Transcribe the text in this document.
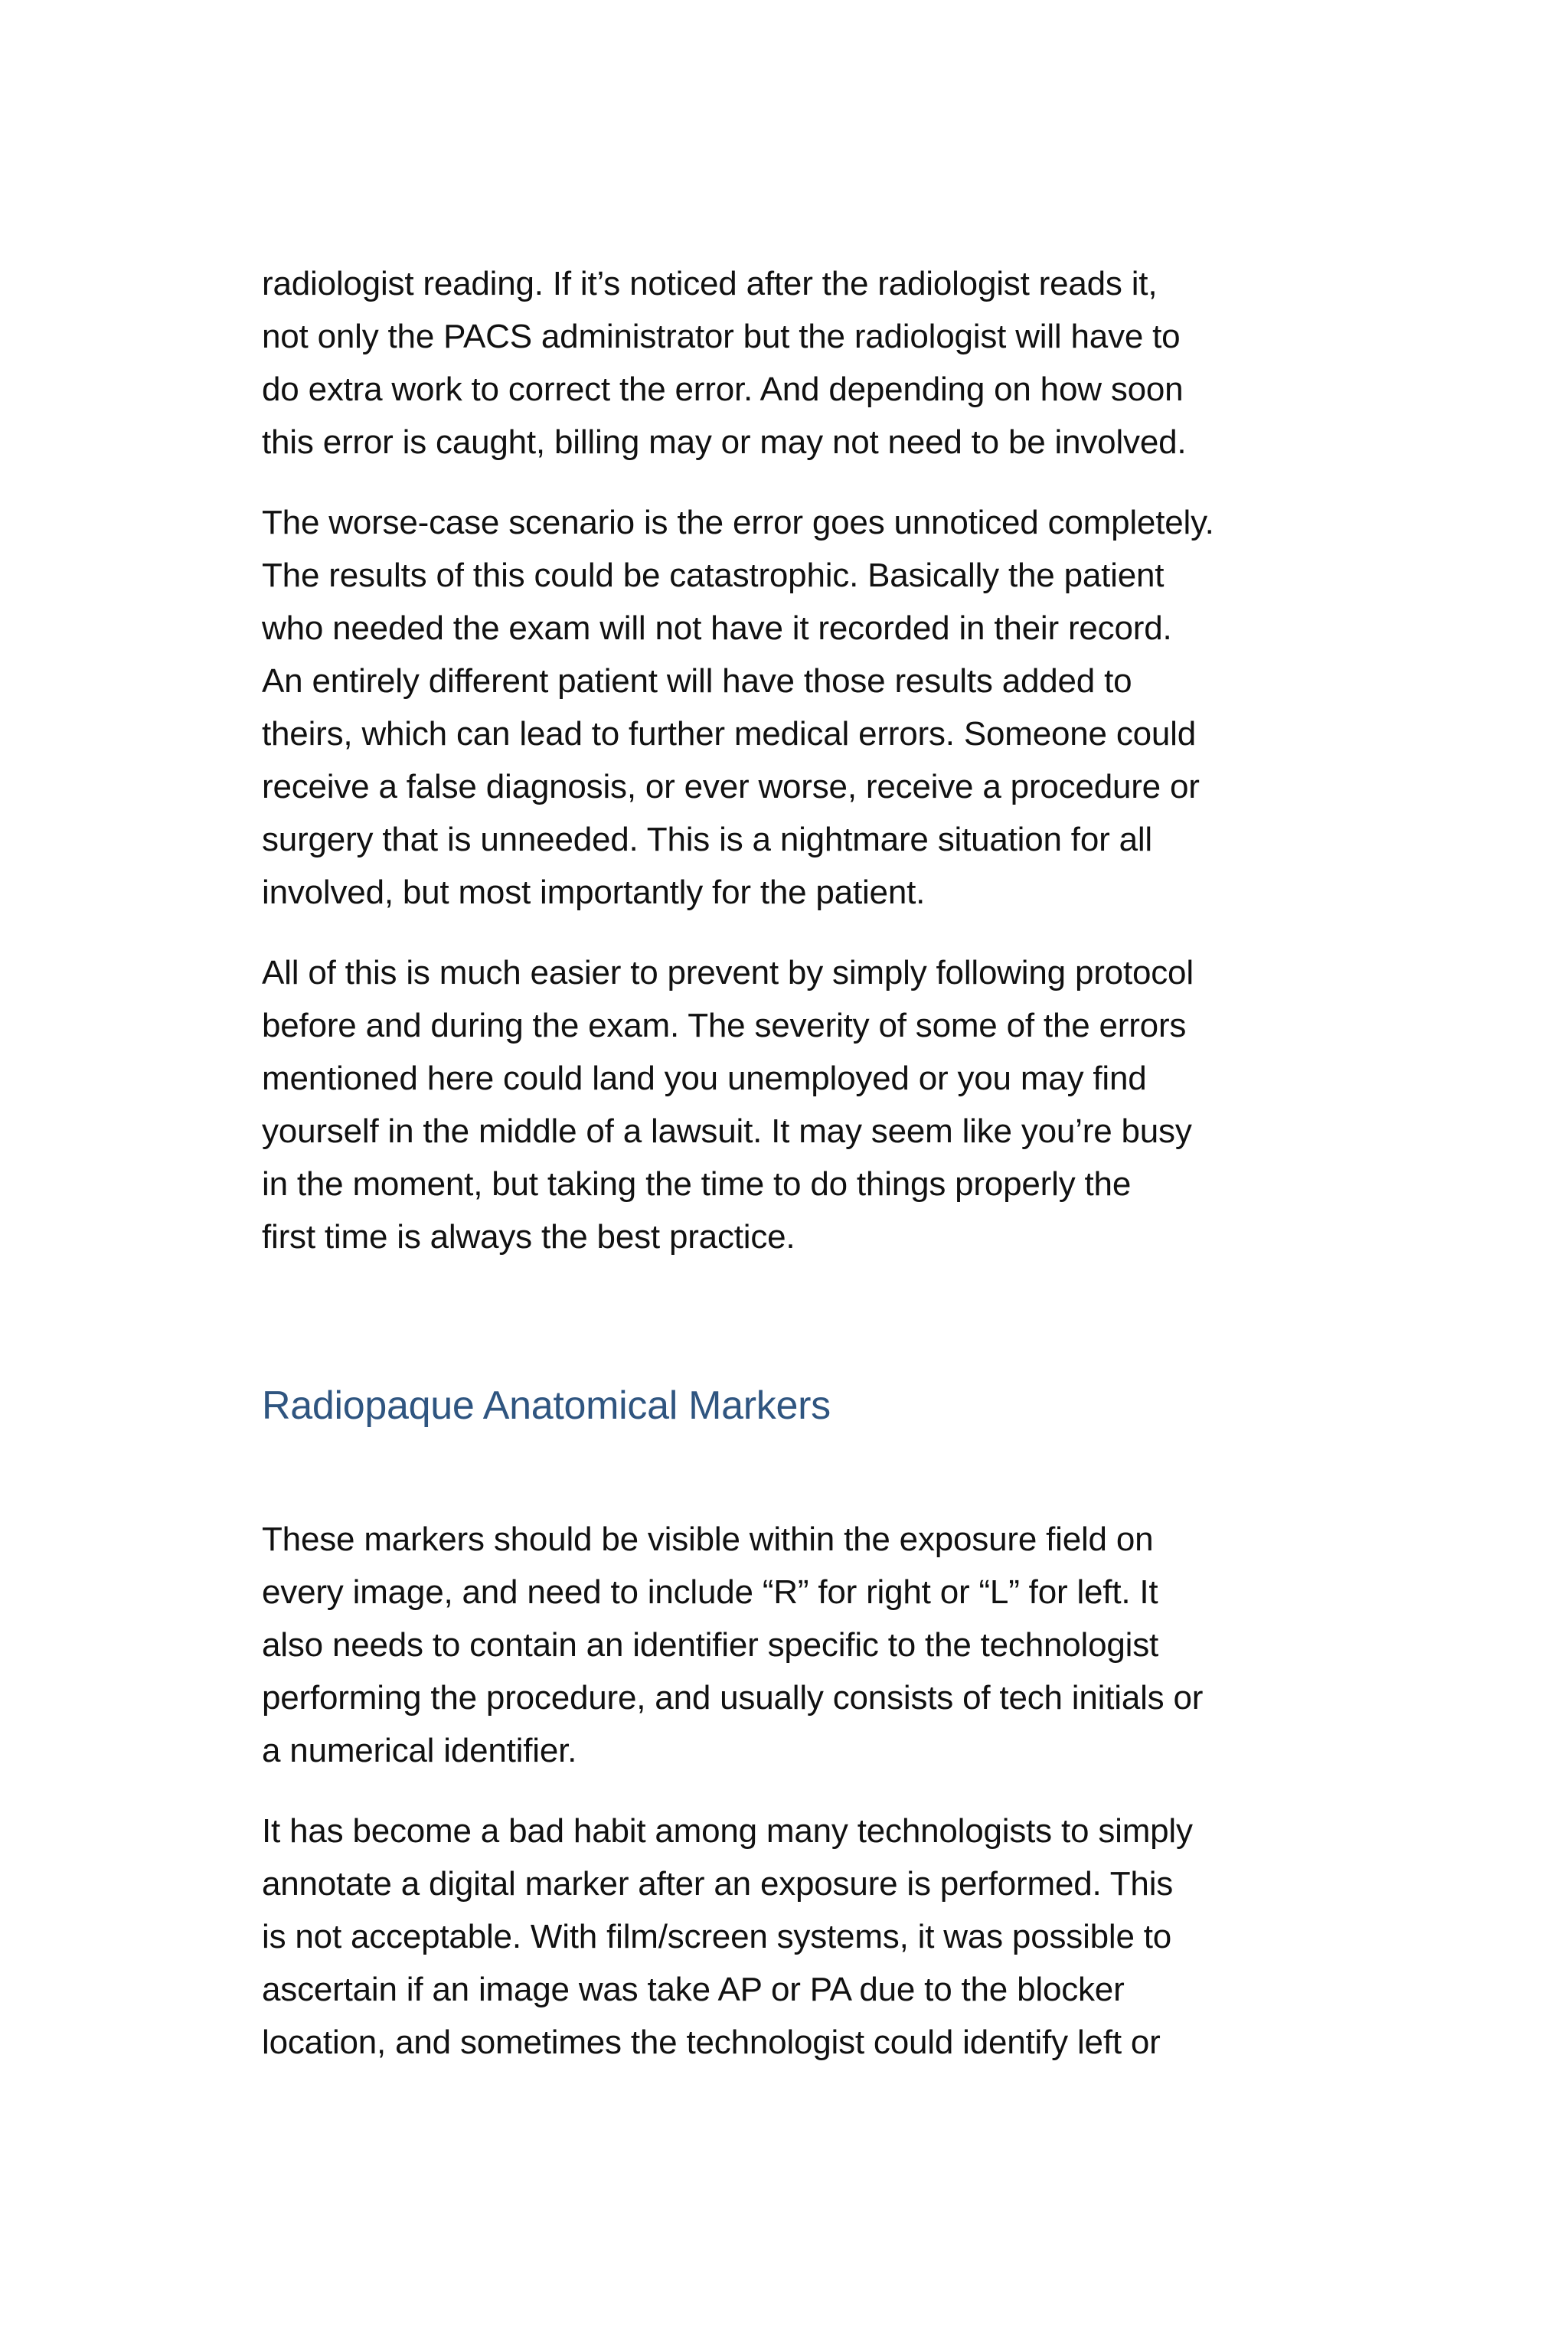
radiologist reading. If it’s noticed after the radiologist reads it,
not only the PACS administrator but the radiologist will have to
do extra work to correct the error. And depending on how soon
this error is caught, billing may or may not need to be involved.

The worse-case scenario is the error goes unnoticed completely.
The results of this could be catastrophic. Basically the patient
who needed the exam will not have it recorded in their record.
An entirely different patient will have those results added to
theirs, which can lead to further medical errors. Someone could
receive a false diagnosis, or ever worse, receive a procedure or
surgery that is unneeded. This is a nightmare situation for all
involved, but most importantly for the patient.

All of this is much easier to prevent by simply following protocol
before and during the exam. The severity of some of the errors
mentioned here could land you unemployed or you may find
yourself in the middle of a lawsuit. It may seem like you’re busy
in the moment, but taking the time to do things properly the
first time is always the best practice.

Radiopaque Anatomical Markers

These markers should be visible within the exposure field on
every image, and need to include “R” for right or “L” for left. It
also needs to contain an identifier specific to the technologist
performing the procedure, and usually consists of tech initials or
a numerical identifier.

It has become a bad habit among many technologists to simply
annotate a digital marker after an exposure is performed. This
is not acceptable. With film/screen systems, it was possible to
ascertain if an image was take AP or PA due to the blocker
location, and sometimes the technologist could identify left or
